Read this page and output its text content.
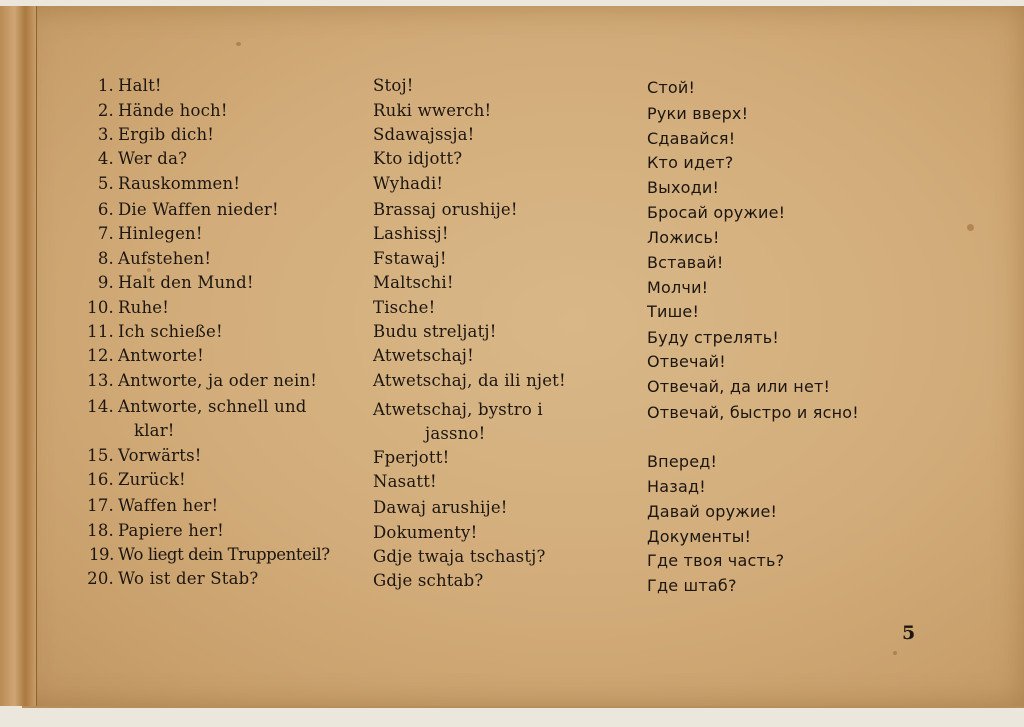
1. Halt!
2. Hände hoch!
3. Ergib dich!
4. Wer da?
5. Rauskommen!
6. Die Waffen nieder!
7. Hinlegen!
8. Aufstehen!
9. Halt den Mund!
10. Ruhe!
11. Ich schieße!
12. Antworte!
13. Antworte, ja oder nein!
14. Antworte, schnell und
klar!
15. Vorwärts!
16. Zurück!
17. Waffen her!
18. Papiere her!
19. Wo liegt dein Truppenteil?
20. Wo ist der Stab?
Stoj!
Ruki wwerch!
Sdawajssja!
Kto idjott?
Wyhadi!
Brassaj orushije!
Lashissj!
Fstawaj!
Maltschi!
Tische!
Budu streljatj!
Atwetschaj!
Atwetschaj, da ili njet!
Atwetschaj, bystro i
jassno!
Fperjott!
Nasatt!
Dawaj arushije!
Dokumenty!
Gdje twaja tschastj?
Gdje schtab?
Стой!
Руки вверх!
Сдавайся!
Кто идет?
Выходи!
Бросай оружие!
Ложись!
Вставай!
Молчи!
Тише!
Буду стрелять!
Отвечай!
Отвечай, да или нет!
Отвечай, быстро и ясно!
Вперед!
Назад!
Давай оружие!
Документы!
Где твоя часть?
Где штаб?
5
